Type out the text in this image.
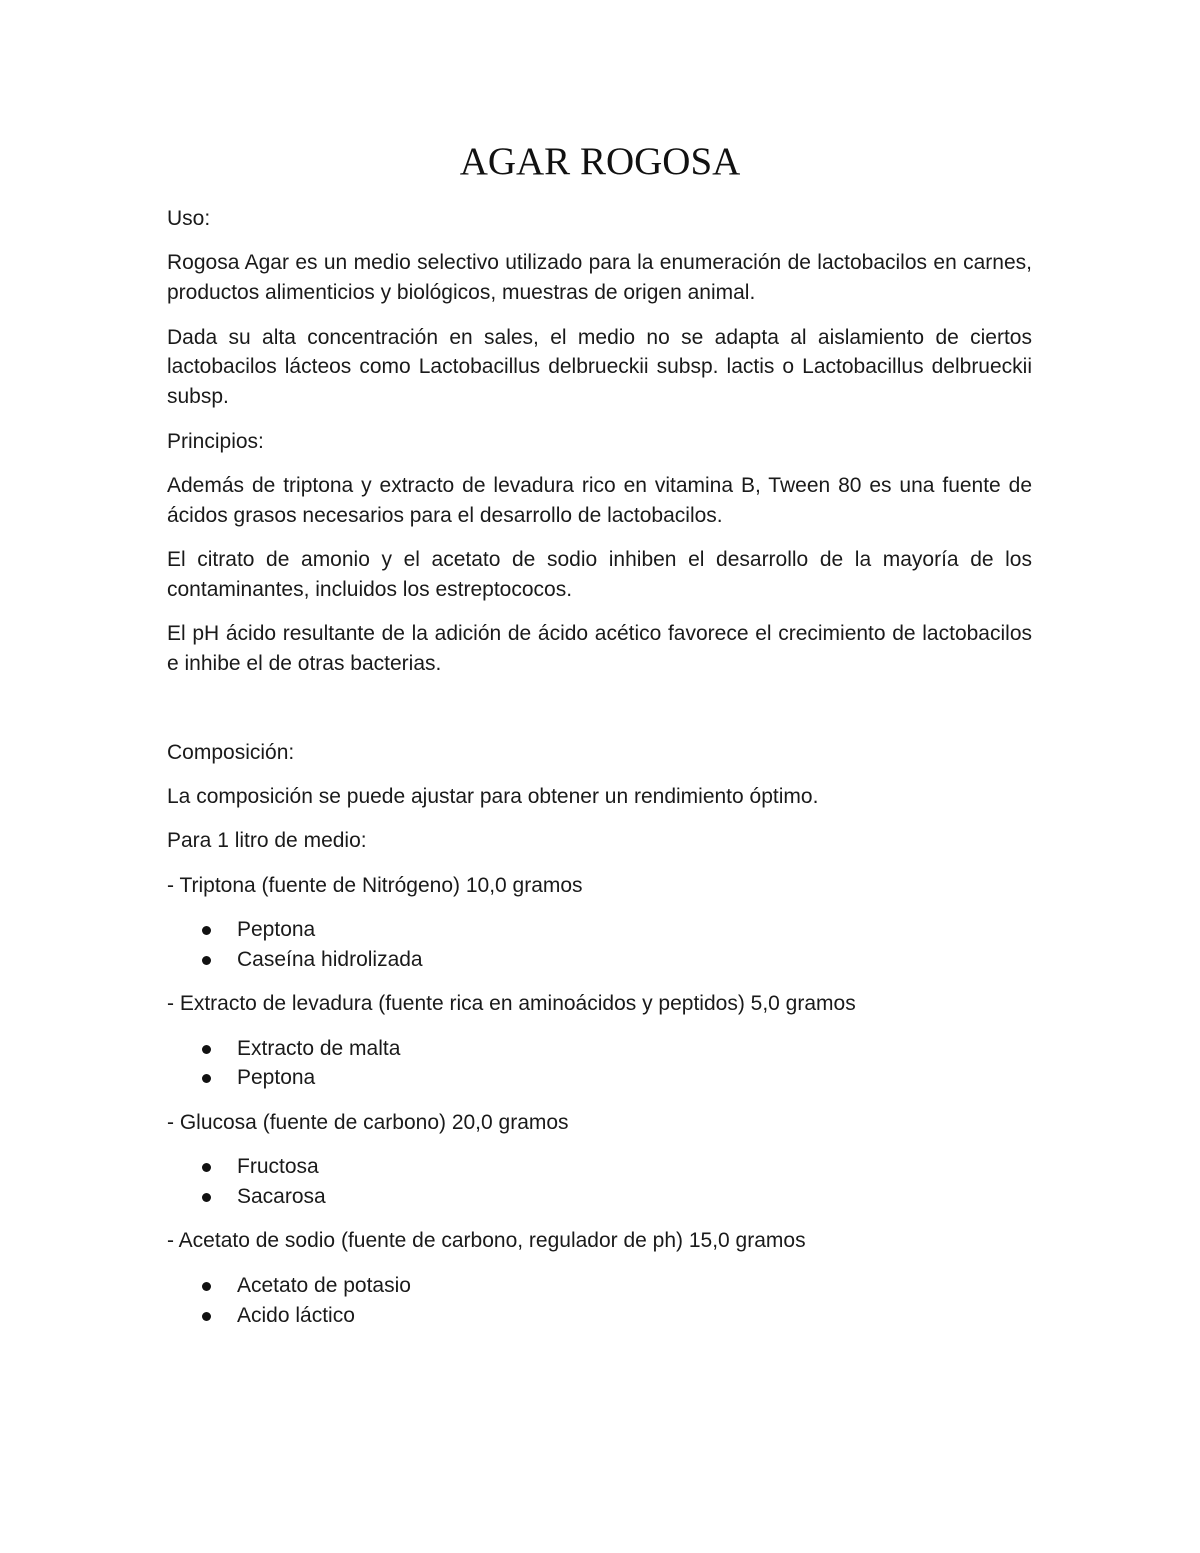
AGAR ROGOSA

Uso:

Rogosa Agar es un medio selectivo utilizado para la enumeración de lactobacilos en carnes, productos alimenticios y biológicos, muestras de origen animal.

Dada su alta concentración en sales, el medio no se adapta al aislamiento de ciertos lactobacilos lácteos como Lactobacillus delbrueckii subsp. lactis o Lactobacillus delbrueckii subsp.

Principios:

Además de triptona y extracto de levadura rico en vitamina B, Tween 80 es una fuente de ácidos grasos necesarios para el desarrollo de lactobacilos.

El citrato de amonio y el acetato de sodio inhiben el desarrollo de la mayoría de los contaminantes, incluidos los estreptococos.

El pH ácido resultante de la adición de ácido acético favorece el crecimiento de lactobacilos e inhibe el de otras bacterias.

Composición:

La composición se puede ajustar para obtener un rendimiento óptimo.

Para 1 litro de medio:

- Triptona (fuente de Nitrógeno) 10,0 gramos

Peptona
Caseína hidrolizada

- Extracto de levadura (fuente rica en aminoácidos y peptidos) 5,0 gramos

Extracto de malta
Peptona

- Glucosa (fuente de carbono) 20,0 gramos

Fructosa
Sacarosa

- Acetato de sodio (fuente de carbono, regulador de ph) 15,0 gramos

Acetato de potasio
Acido láctico
